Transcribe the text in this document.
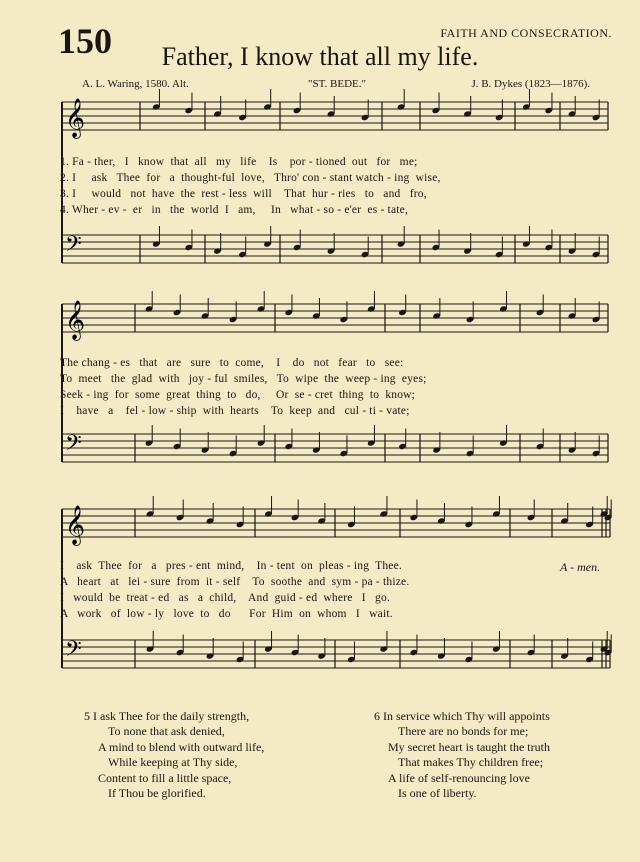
150	FAITH AND CONSECRATION.
Father, I know that all my life.
A. L. Waring, 1580. Alt.	"ST. BEDE."	J. B. Dykes (1823—1876).
𝄞
𝄢
𝄞
𝄢
𝄞
𝄢
1. Fa - ther,   I   know  that  all   my   life    Is    por - tioned  out   for   me;
2. I     ask   Thee  for   a  thought-ful  love,   Thro' con - stant watch - ing  wise,
3. I     would   not  have  the  rest - less  will    That  hur - ries   to   and   fro,
4. Wher - ev -  er   in   the  world  I   am,     In   what - so - e'er  es - tate,
The chang - es   that   are   sure   to  come,    I    do   not   fear   to   see:
To  meet   the  glad  with   joy - ful  smiles,   To  wipe  the  weep - ing  eyes;
Seek - ing  for  some  great  thing  to   do,     Or  se - cret  thing  to  know;
I    have   a    fel - low - ship  with  hearts    To  keep  and   cul - ti - vate;
I    ask  Thee  for   a   pres - ent  mind,    In - tent  on  pleas - ing  Thee.
A   heart   at   lei - sure  from  it - self    To  soothe  and  sym - pa - thize.
I   would  be  treat - ed   as   a  child,    And  guid - ed  where   I   go.
A   work   of  low - ly   love  to   do      For  Him  on  whom   I   wait.
A - men.
5 I ask Thee for the daily strength,
To none that ask denied,
A mind to blend with outward life,
While keeping at Thy side,
Content to fill a little space,
If Thou be glorified.
6 In service which Thy will appoints
There are no bonds for me;
My secret heart is taught the truth
That makes Thy children free;
A life of self-renouncing love
Is one of liberty.
